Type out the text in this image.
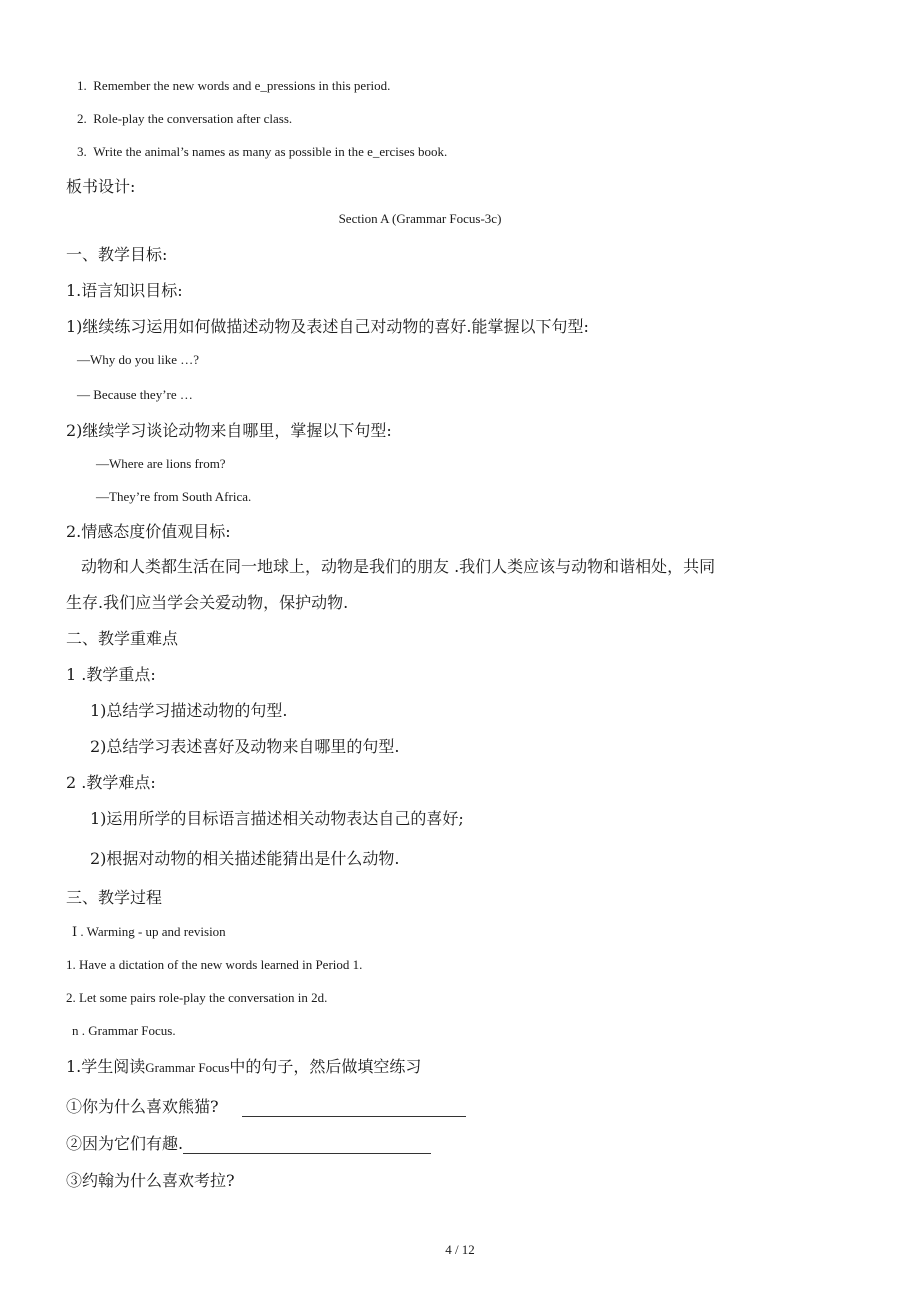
1. Remember the new words and e_pressions in this period.
2. Role-play the conversation after class.
3. Write the animal’s names as many as possible in the e_ercises book.
板书设计:
Section A (Grammar Focus-3c)
一、教学目标:
1.语言知识目标:
1)继续练习运用如何做描述动物及表述自己对动物的喜好.能掌握以下句型:
—Why do you like …?
— Because they’re …
2)继续学习谈论动物来自哪里，掌握以下句型:
—Where are lions from?
—They’re from South Africa.
2.情感态度价值观目标:
动物和人类都生活在同一地球上，动物是我们的朋友 .我们人类应该与动物和谐相处，共同
生存.我们应当学会关爱动物，保护动物.
二、教学重难点
1 .教学重点:
1)总结学习描述动物的句型.
2)总结学习表述喜好及动物来自哪里的句型.
2 .教学难点:
1)运用所学的目标语言描述相关动物表达自己的喜好;
2)根据对动物的相关描述能猜出是什么动物.
三、教学过程
Ⅰ . Warming - up and revision
1. Have a dictation of the new words learned in Period 1.
2. Let some pairs role-play the conversation in 2d.
n . Grammar Focus.
1.学生阅读Grammar Focus中的句子，然后做填空练习
①你为什么喜欢熊猫?
②因为它们有趣.
③约翰为什么喜欢考拉?
4 / 12
